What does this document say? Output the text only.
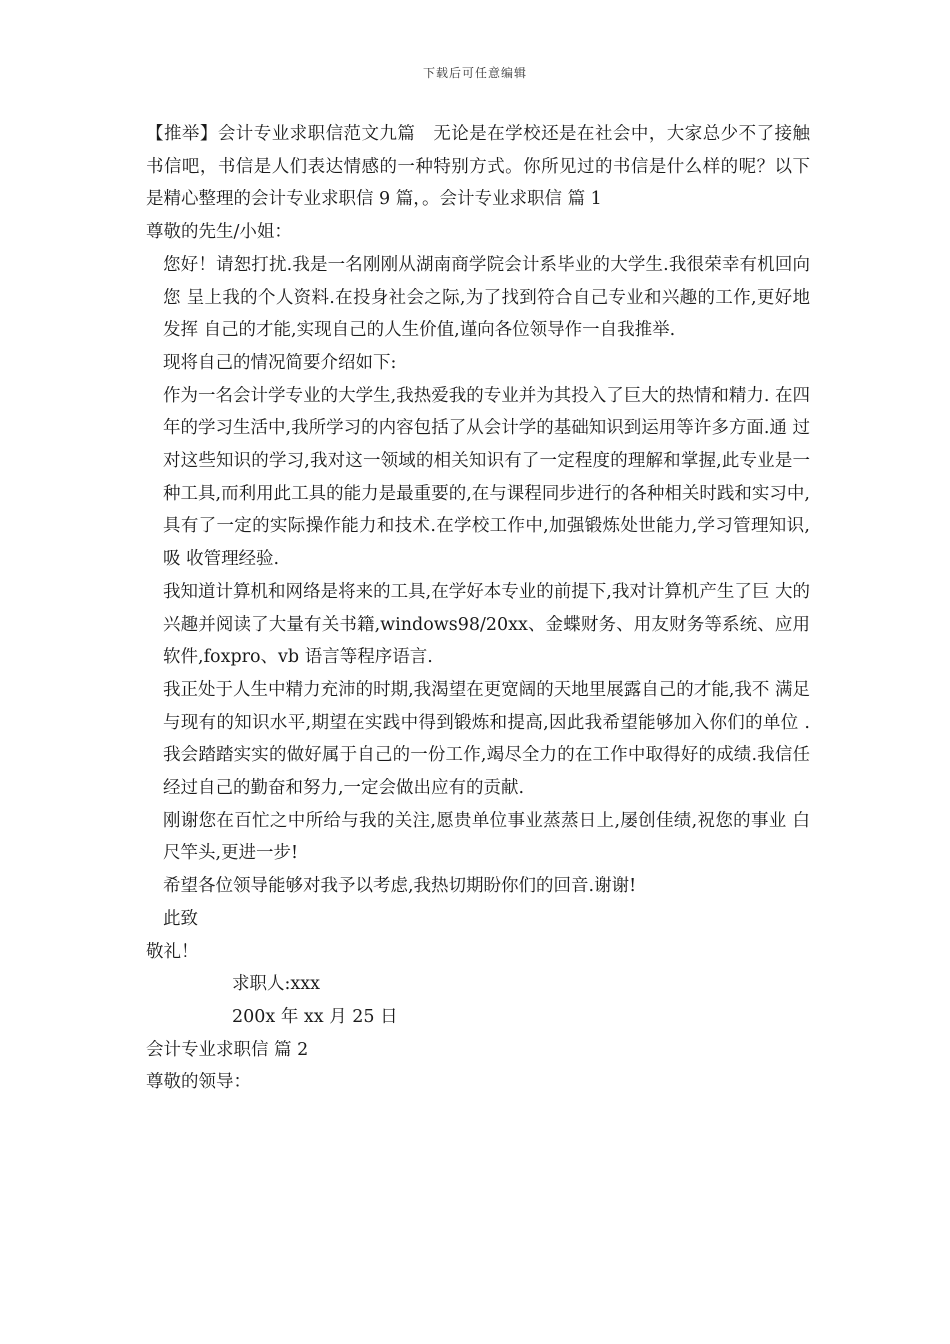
下载后可任意编辑

【推举】会计专业求职信范文九篇　无论是在学校还是在社会中，大家总少不了接触书信吧，书信是人们表达情感的一种特别方式。你所见过的书信是什么样的呢？以下是精心整理的会计专业求职信 9 篇，。会计专业求职信 篇 1

尊敬的先生/小姐：

您好！请恕打扰.我是一名刚刚从湖南商学院会计系毕业的大学生.我很荣幸有机回向您 呈上我的个人资料.在投身社会之际,为了找到符合自己专业和兴趣的工作,更好地发挥 自己的才能,实现自己的人生价值,谨向各位领导作一自我推举.

现将自己的情况简要介绍如下:

作为一名会计学专业的大学生,我热爱我的专业并为其投入了巨大的热情和精力. 在四年的学习生活中,我所学习的内容包括了从会计学的基础知识到运用等许多方面.通 过对这些知识的学习,我对这一领域的相关知识有了一定程度的理解和掌握,此专业是一 种工具,而利用此工具的能力是最重要的,在与课程同步进行的各种相关时践和实习中, 具有了一定的实际操作能力和技术.在学校工作中,加强锻炼处世能力,学习管理知识,吸 收管理经验.

我知道计算机和网络是将来的工具,在学好本专业的前提下,我对计算机产生了巨 大的兴趣并阅读了大量有关书籍,windows98/20xx、金蝶财务、用友财务等系统、应用 软件,foxpro、vb 语言等程序语言.

我正处于人生中精力充沛的时期,我渴望在更宽阔的天地里展露自己的才能,我不 满足与现有的知识水平,期望在实践中得到锻炼和提高,因此我希望能够加入你们的单位 .我会踏踏实实的做好属于自己的一份工作,竭尽全力的在工作中取得好的成绩.我信任 经过自己的勤奋和努力,一定会做出应有的贡献.

刚谢您在百忙之中所给与我的关注,愿贵单位事业蒸蒸日上,屡创佳绩,祝您的事业 白尺竿头,更进一步!

希望各位领导能够对我予以考虑,我热切期盼你们的回音.谢谢!

此致

敬礼！

求职人:xxx

200x 年 xx 月 25 日

会计专业求职信 篇 2

尊敬的领导：
